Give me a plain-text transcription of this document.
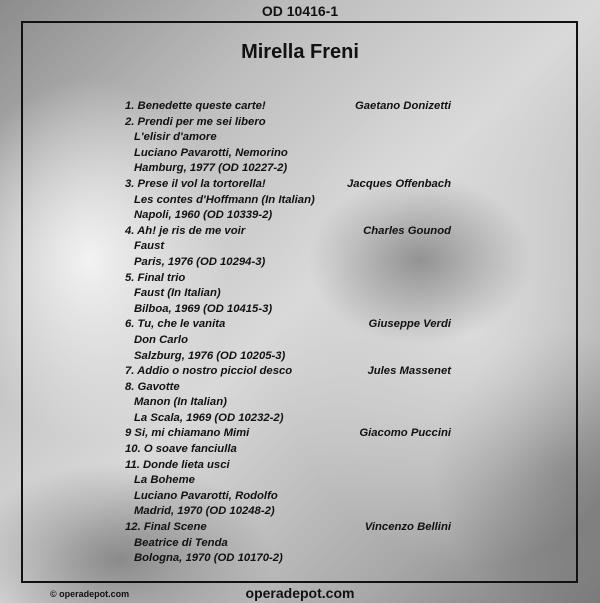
OD 10416-1
Mirella Freni
1. Benedette queste carte!	Gaetano Donizetti
2. Prendi per me sei libero
L'elisir d'amore
Luciano Pavarotti, Nemorino
Hamburg, 1977 (OD 10227-2)
3. Prese il vol la tortorella!	Jacques Offenbach
Les contes d'Hoffmann (In Italian)
Napoli, 1960 (OD 10339-2)
4. Ah! je ris de me voir	Charles Gounod
Faust
Paris, 1976 (OD 10294-3)
5. Final trio
Faust (In Italian)
Bilboa, 1969 (OD 10415-3)
6. Tu, che le vanita	Giuseppe Verdi
Don Carlo
Salzburg, 1976 (OD 10205-3)
7. Addio o nostro picciol desco	Jules Massenet
8. Gavotte
Manon (In Italian)
La Scala, 1969 (OD 10232-2)
9 Si, mi chiamano Mimi	Giacomo Puccini
10. O soave fanciulla
11. Donde lieta usci
La Boheme
Luciano Pavarotti, Rodolfo
Madrid, 1970 (OD 10248-2)
12. Final Scene	Vincenzo Bellini
Beatrice di Tenda
Bologna, 1970 (OD 10170-2)
© operadepot.com	operadepot.com
